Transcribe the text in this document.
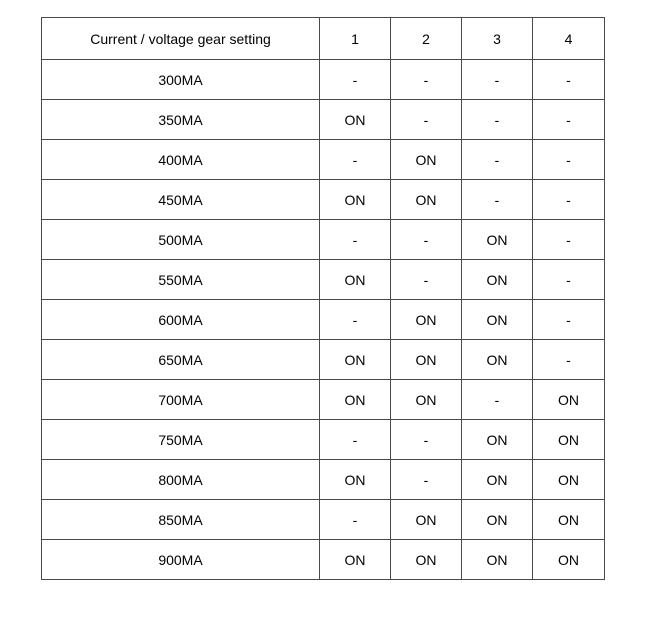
Current / voltage gear setting	1	2	3	4
300MA	-	-	-	-
350MA	ON	-	-	-
400MA	-	ON	-	-
450MA	ON	ON	-	-
500MA	-	-	ON	-
550MA	ON	-	ON	-
600MA	-	ON	ON	-
650MA	ON	ON	ON	-
700MA	ON	ON	-	ON
750MA	-	-	ON	ON
800MA	ON	-	ON	ON
850MA	-	ON	ON	ON
900MA	ON	ON	ON	ON
